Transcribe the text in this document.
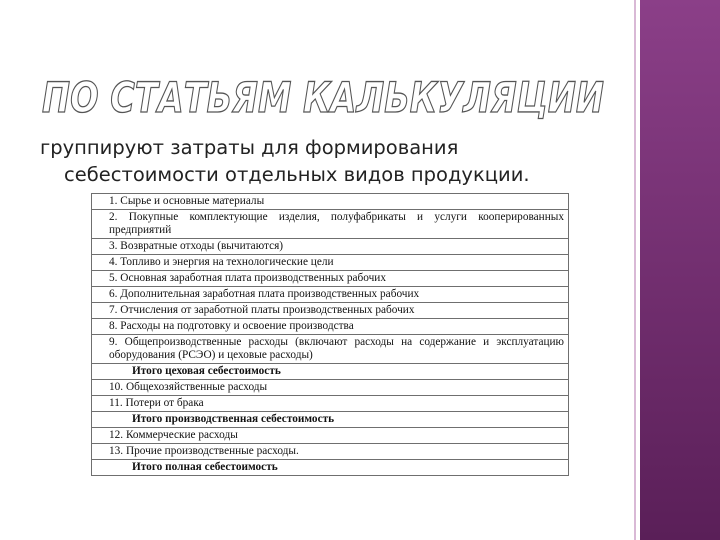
ПО СТАТЬЯМ КАЛЬКУЛЯЦИИ
группируют затраты для формирования
себестоимости отдельных видов продукции.
1. Сырье и основные материалы
2. Покупные комплектующие изделия, полуфабрикаты и услуги кооперированных предприятий
3. Возвратные отходы (вычитаются)
4. Топливо и энергия на технологические цели
5. Основная заработная плата производственных рабочих
6. Дополнительная заработная плата производственных рабочих
7. Отчисления от заработной платы производственных рабочих
8. Расходы на подготовку и освоение производства
9. Общепроизводственные расходы (включают расходы на содержание и эксплуатацию оборудования (РСЭО) и цеховые расходы)
Итого цеховая себестоимость
10. Общехозяйственные расходы
11. Потери от брака
Итого производственная себестоимость
12. Коммерческие расходы
13. Прочие производственные расходы.
Итого полная себестоимость
